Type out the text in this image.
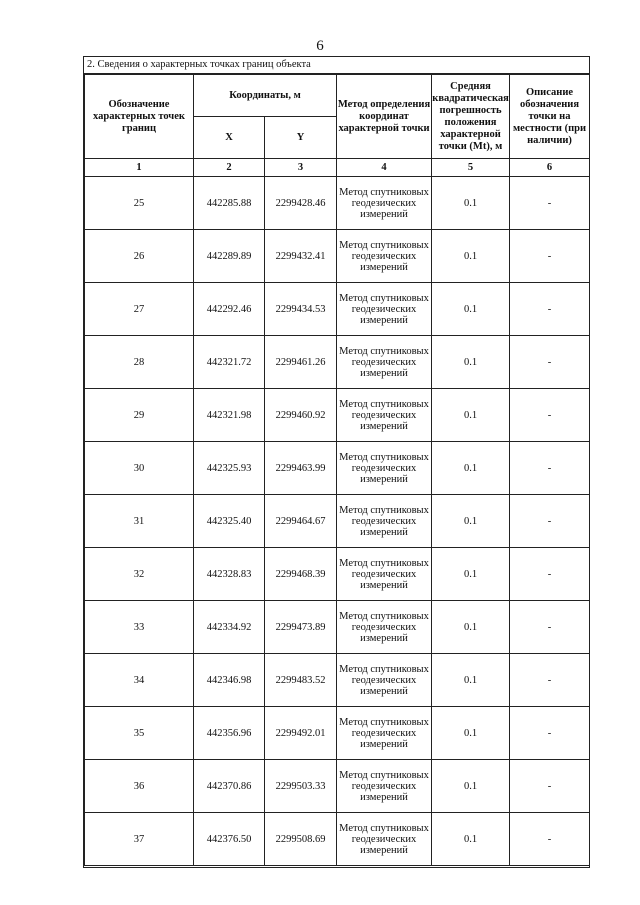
6
2. Сведения о характерных точках границ объекта
Обозначение характерных точек границ	Координаты, м		Метод определения координат характерной точки	Средняя квадратическая погрешность положения характерной точки (Mt), м	Описание обозначения точки на местности (при наличии)
	X	Y			
1	2	3	4	5	6
25	442285.88	2299428.46	Метод спутниковых геодезических измерений	0.1	-
26	442289.89	2299432.41	Метод спутниковых геодезических измерений	0.1	-
27	442292.46	2299434.53	Метод спутниковых геодезических измерений	0.1	-
28	442321.72	2299461.26	Метод спутниковых геодезических измерений	0.1	-
29	442321.98	2299460.92	Метод спутниковых геодезических измерений	0.1	-
30	442325.93	2299463.99	Метод спутниковых геодезических измерений	0.1	-
31	442325.40	2299464.67	Метод спутниковых геодезических измерений	0.1	-
32	442328.83	2299468.39	Метод спутниковых геодезических измерений	0.1	-
33	442334.92	2299473.89	Метод спутниковых геодезических измерений	0.1	-
34	442346.98	2299483.52	Метод спутниковых геодезических измерений	0.1	-
35	442356.96	2299492.01	Метод спутниковых геодезических измерений	0.1	-
36	442370.86	2299503.33	Метод спутниковых геодезических измерений	0.1	-
37	442376.50	2299508.69	Метод спутниковых геодезических измерений	0.1	-
